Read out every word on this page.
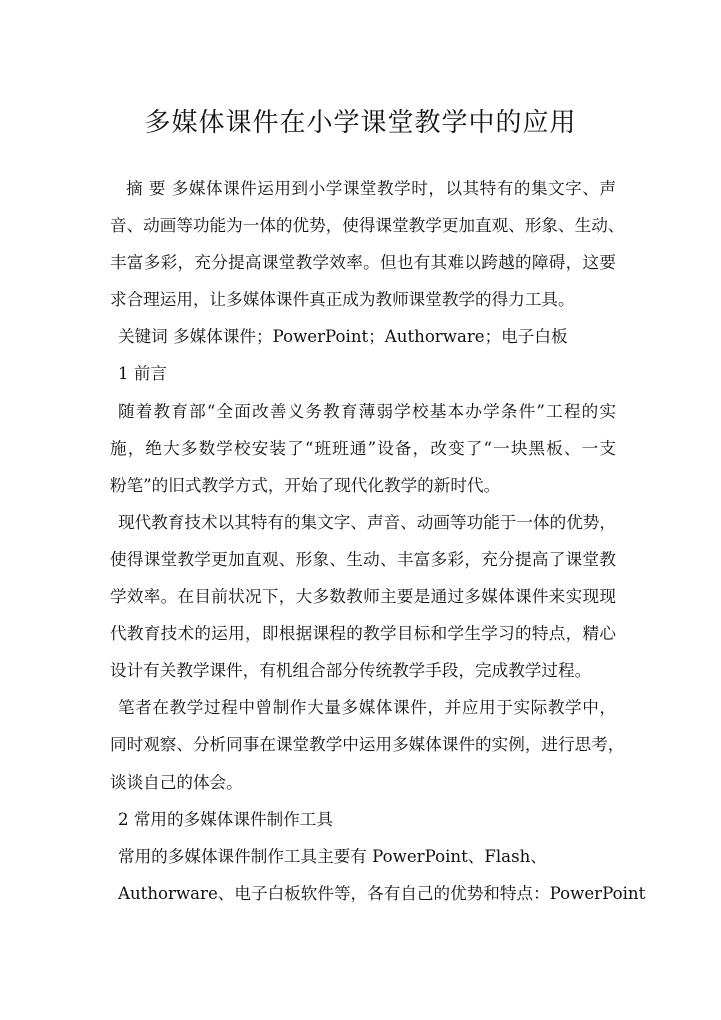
多媒体课件在小学课堂教学中的应用
摘 要 多媒体课件运用到小学课堂教学时，以其特有的集文字、声
音、动画等功能为一体的优势，使得课堂教学更加直观、形象、生动、
丰富多彩，充分提高课堂教学效率。但也有其难以跨越的障碍，这要
求合理运用，让多媒体课件真正成为教师课堂教学的得力工具。
关键词 多媒体课件；PowerPoint；Authorware；电子白板
1 前言
随着教育部“全面改善义务教育薄弱学校基本办学条件”工程的实
施，绝大多数学校安装了“班班通”设备，改变了“一块黑板、一支
粉笔”的旧式教学方式，开始了现代化教学的新时代。
现代教育技术以其特有的集文字、声音、动画等功能于一体的优势，
使得课堂教学更加直观、形象、生动、丰富多彩，充分提高了课堂教
学效率。在目前状况下，大多数教师主要是通过多媒体课件来实现现
代教育技术的运用，即根据课程的教学目标和学生学习的特点，精心
设计有关教学课件，有机组合部分传统教学手段，完成教学过程。
笔者在教学过程中曾制作大量多媒体课件，并应用于实际教学中，
同时观察、分析同事在课堂教学中运用多媒体课件的实例，进行思考，
谈谈自己的体会。
2 常用的多媒体课件制作工具
常用的多媒体课件制作工具主要有 PowerPoint、Flash、
Authorware、电子白板软件等，各有自己的优势和特点：PowerPoint
